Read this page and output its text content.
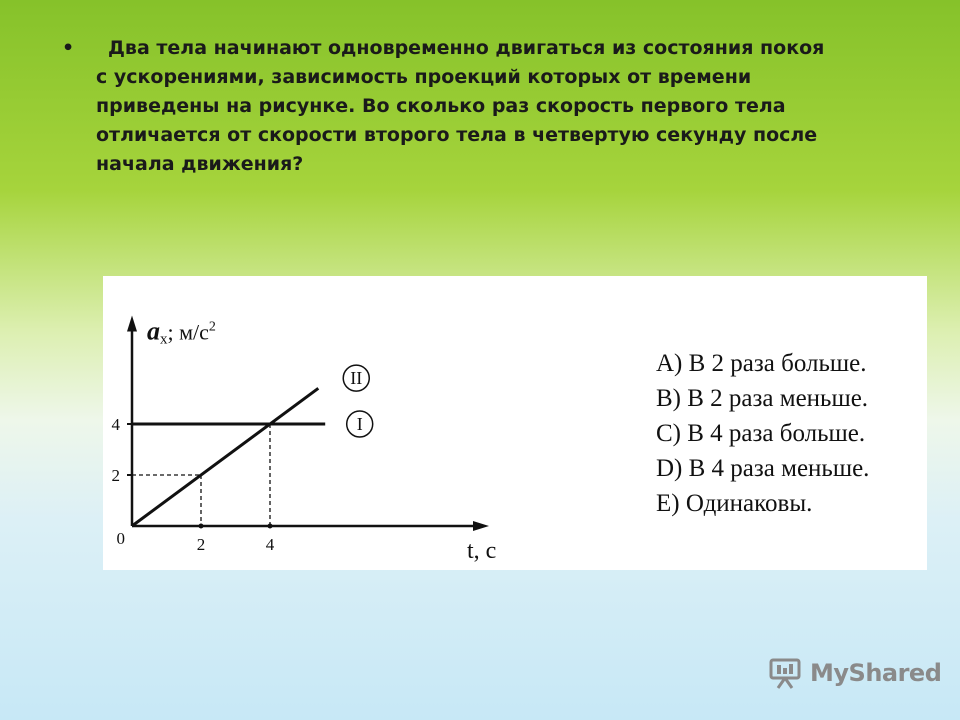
•	Два тела начинают одновременно двигаться из состояния покоя
с ускорениями, зависимость проекций которых от времени
приведены на рисунке. Во сколько раз скорость первого тела
отличается от скорости второго тела в четвертую секунду после
начала движения?
2	4
2
4
0
I
II
ax; $м/с^2$
t, с
A) В 2 раза больше.
B) В 2 раза меньше.
C) В 4 раза больше.
D) В 4 раза меньше.
E) Одинаковы.
MyShared
